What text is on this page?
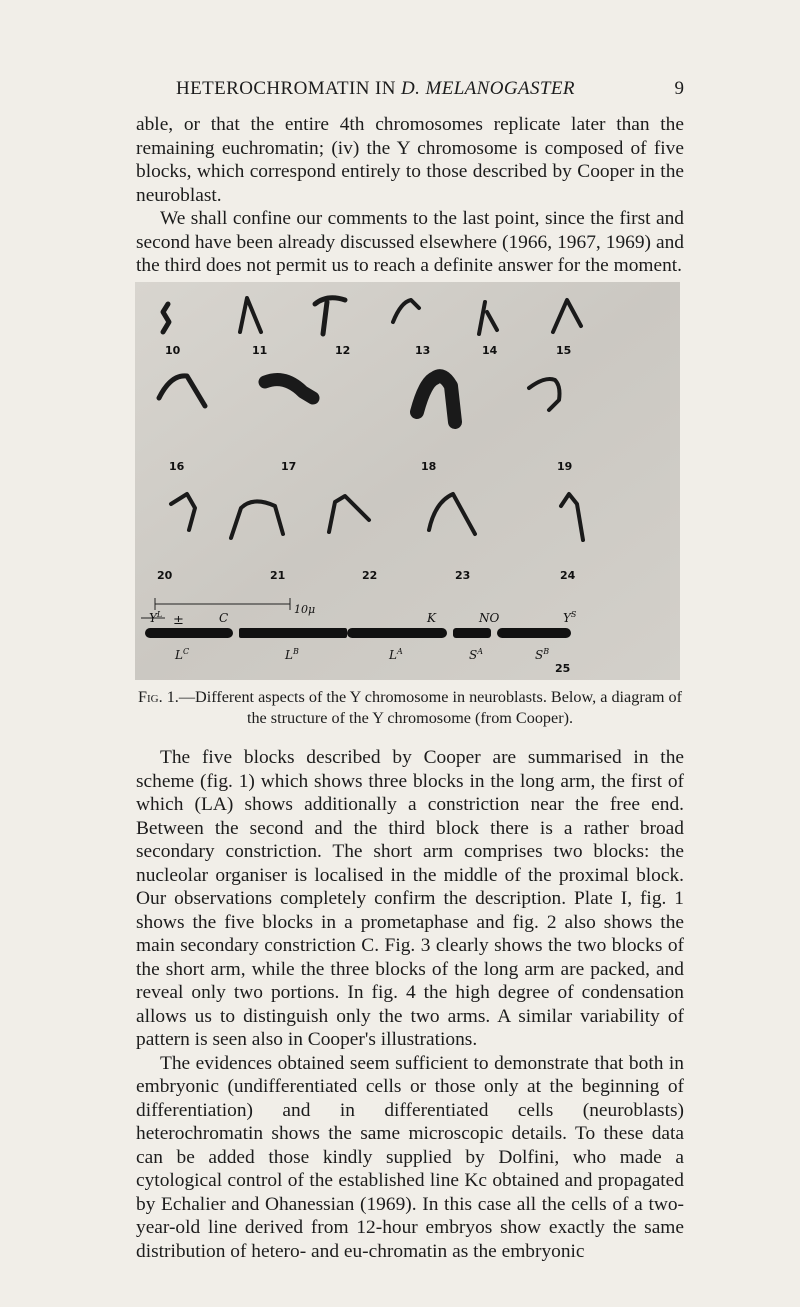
HETEROCHROMATIN IN D. MELANOGASTER	9

able, or that the entire 4th chromosomes replicate later than the remaining euchromatin; (iv) the Y chromosome is composed of five blocks, which correspond entirely to those described by Cooper in the neuroblast.

We shall confine our comments to the last point, since the first and second have been already discussed elsewhere (1966, 1967, 1969) and the third does not permit us to reach a definite answer for the moment.

10	11	12	13	14	15
16	17	18	19
20	21	22	23	24
25
±
10μ
$Y^L$	C	K	NO	$Y^S$
$L^C$	$L^B$	$L^A$	$S^A$	$S^B$
Fig. 1.—Different aspects of the Y chromosome in neuroblasts. Below, a diagram of the structure of the Y chromosome (from Cooper).

The five blocks described by Cooper are summarised in the scheme (fig. 1) which shows three blocks in the long arm, the first of which (LA) shows additionally a constriction near the free end. Between the second and the third block there is a rather broad secondary constriction. The short arm comprises two blocks: the nucleolar organiser is localised in the middle of the proximal block. Our observations completely confirm the description. Plate I, fig. 1 shows the five blocks in a prometaphase and fig. 2 also shows the main secondary constriction C. Fig. 3 clearly shows the two blocks of the short arm, while the three blocks of the long arm are packed, and reveal only two portions. In fig. 4 the high degree of condensation allows us to distinguish only the two arms. A similar variability of pattern is seen also in Cooper's illustrations.

The evidences obtained seem sufficient to demonstrate that both in embryonic (undifferentiated cells or those only at the beginning of differentiation) and in differentiated cells (neuroblasts) heterochromatin shows the same microscopic details. To these data can be added those kindly supplied by Dolfini, who made a cytological control of the established line Kc obtained and propagated by Echalier and Ohanessian (1969). In this case all the cells of a two-year-old line derived from 12-hour embryos show exactly the same distribution of hetero- and eu-chromatin as the embryonic
